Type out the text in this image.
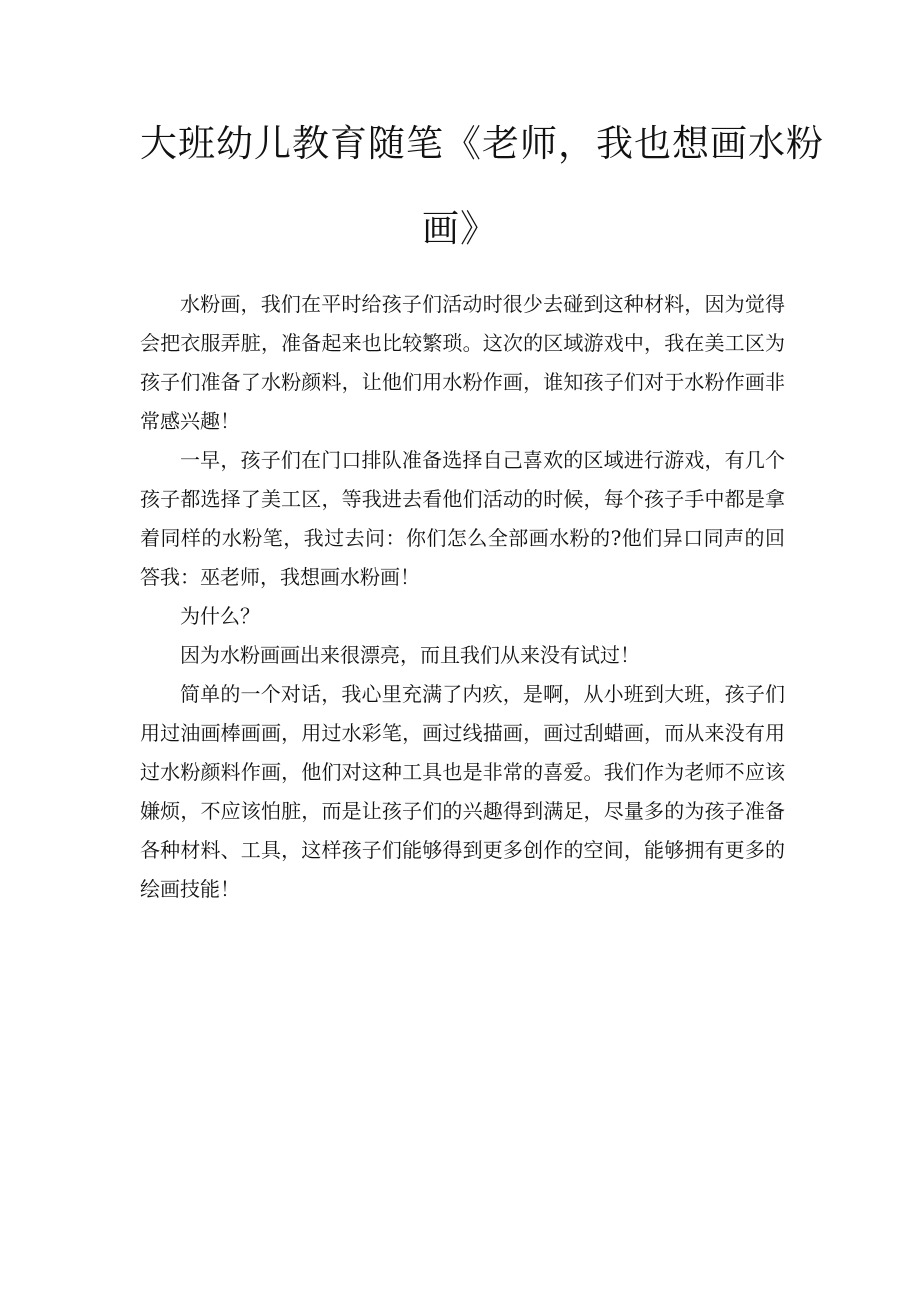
大班幼儿教育随笔《老师，我也想画水粉
画》

水粉画，我们在平时给孩子们活动时很少去碰到这种材料，因为觉得会把衣服弄脏，准备起来也比较繁琐。这次的区域游戏中，我在美工区为孩子们准备了水粉颜料，让他们用水粉作画，谁知孩子们对于水粉作画非常感兴趣！

一早，孩子们在门口排队准备选择自己喜欢的区域进行游戏，有几个孩子都选择了美工区，等我进去看他们活动的时候，每个孩子手中都是拿着同样的水粉笔，我过去问：你们怎么全部画水粉的?他们异口同声的回答我：巫老师，我想画水粉画！

为什么？

因为水粉画画出来很漂亮，而且我们从来没有试过！

简单的一个对话，我心里充满了内疚，是啊，从小班到大班，孩子们用过油画棒画画，用过水彩笔，画过线描画，画过刮蜡画，而从来没有用过水粉颜料作画，他们对这种工具也是非常的喜爱。我们作为老师不应该嫌烦，不应该怕脏，而是让孩子们的兴趣得到满足，尽量多的为孩子准备各种材料、工具，这样孩子们能够得到更多创作的空间，能够拥有更多的绘画技能！
